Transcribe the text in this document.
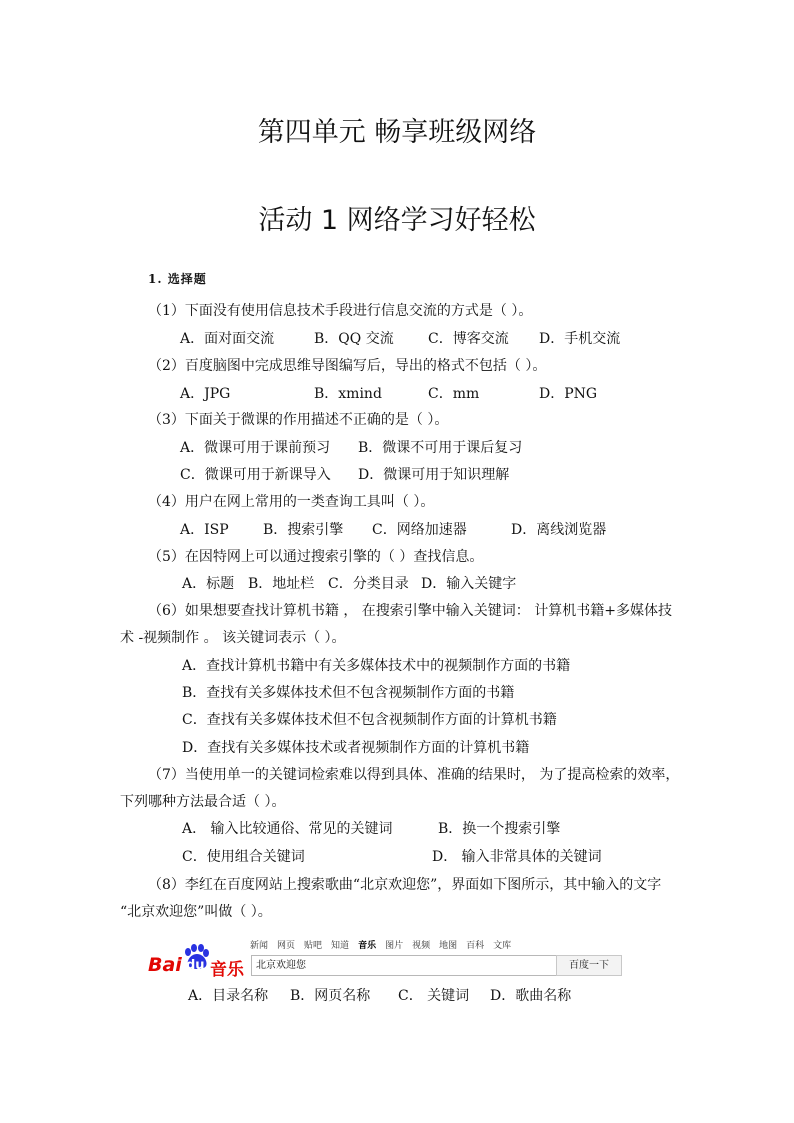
第四单元 畅享班级网络
活动 1 网络学习好轻松
1. 选择题
（1）下面没有使用信息技术手段进行信息交流的方式是（ ）。
A．面对面交流	B．QQ 交流 C．博客交流 D．手机交流
（2）百度脑图中完成思维导图编写后，导出的格式不包括（ ）。
A．JPG	B．xmind	C．mm	D．PNG
（3）下面关于微课的作用描述不正确的是（ ）。
A．微课可用于课前预习 B．微课不可用于课后复习
C．微课可用于新课导入 D．微课可用于知识理解
（4）用户在网上常用的一类查询工具叫（ ）。
A．ISP B．搜索引擎 C．网络加速器	D．离线浏览器
（5）在因特网上可以通过搜索引擎的（ ）查找信息。
A．标题 B．地址栏 C．分类目录 D．输入关键字
（6）如果想要查找计算机书籍 ， 在搜索引擎中输入关键词： 计算机书籍+多媒体技
术 -视频制作 。 该关键词表示（ ）。
A．查找计算机书籍中有关多媒体技术中的视频制作方面的书籍
B．查找有关多媒体技术但不包含视频制作方面的书籍
C．查找有关多媒体技术但不包含视频制作方面的计算机书籍
D．查找有关多媒体技术或者视频制作方面的计算机书籍
（7）当使用单一的关键词检索难以得到具体、准确的结果时， 为了提高检索的效率，
下列哪种方法最合适（ ）。
A． 输入比较通俗、常见的关键词	B．换一个搜索引擎
C．使用组合关键词	D． 输入非常具体的关键词
（8）李红在百度网站上搜索歌曲“北京欢迎您”，界面如下图所示，其中输入的文字
“北京欢迎您”叫做（ ）。
新闻 网页 贴吧 知道 音乐 图片 视频 地图 百科 文库
Bai du 音乐	北京欢迎您	百度一下
A．目录名称 B．网页名称 C． 关键词 D．歌曲名称
